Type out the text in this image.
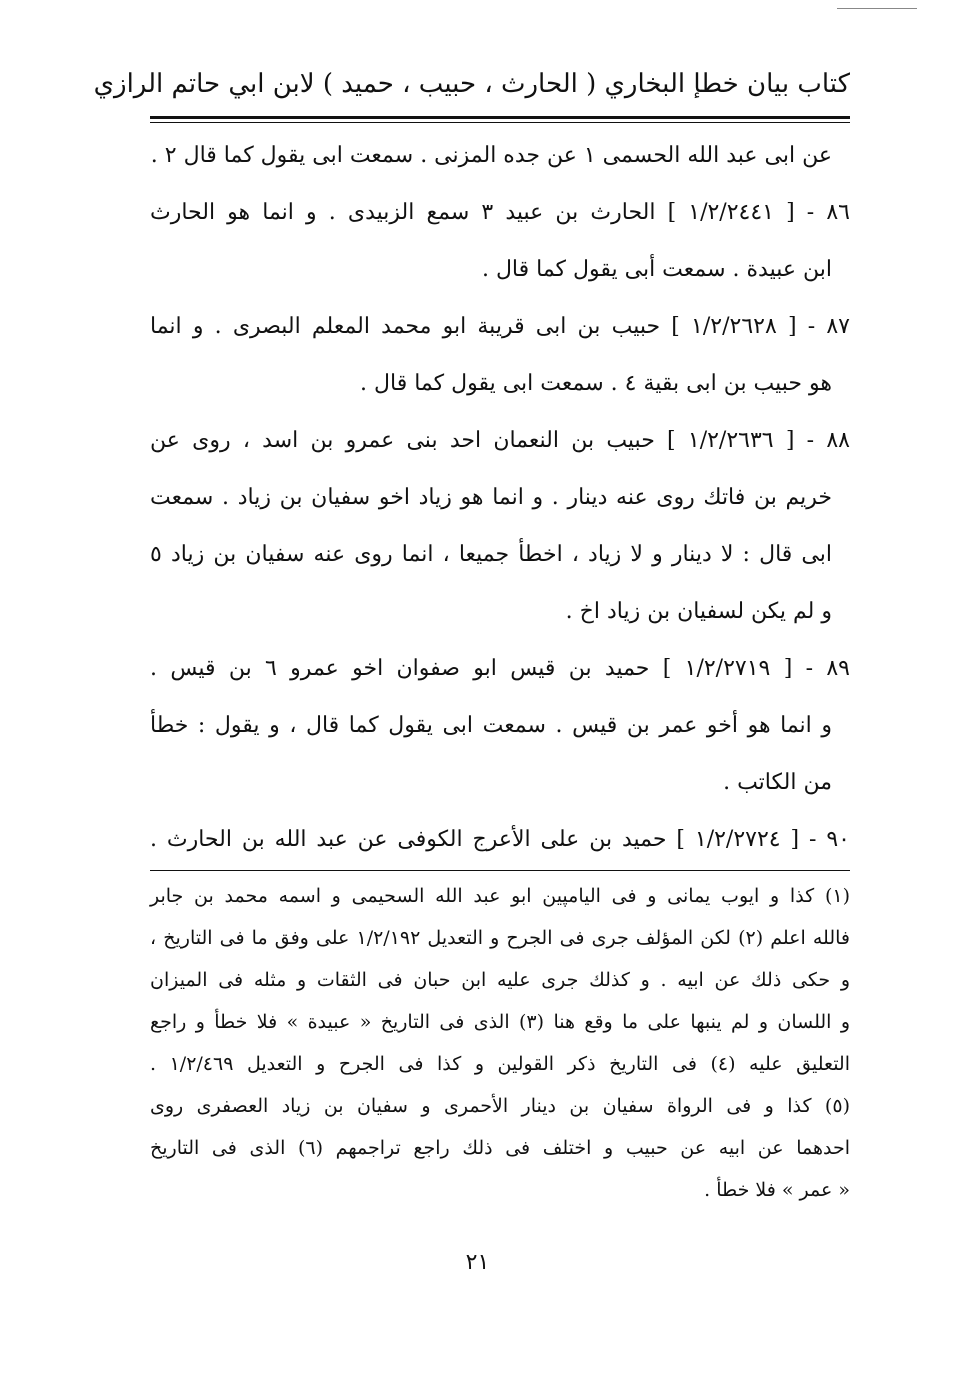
كتاب بيان خطإ البخاري ( الحارث ، حبيب ، حميد ) لابن ابي حاتم الرازي
عن ابى عبد الله الحسمى ١ عن جده المزنى . سمعت ابى يقول كما قال ٢ .
٨٦ - [ ١/٢/٢٤٤١ ] الحارث بن عبيد ٣ سمع الزبيدى . و انما هو الحارث
ابن عبيدة . سمعت أبى يقول كما قال .
٨٧ - [ ١/٢/٢٦٢٨ ] حبيب بن ابى قريبة ابو محمد المعلم البصرى . و انما
هو حبيب بن ابى بقية ٤ . سمعت ابى يقول كما قال .
٨٨ - [ ١/٢/٢٦٣٦ ] حبيب بن النعمان احد بنى عمرو بن اسد ، روى عن
خريم بن فاتك روى عنه دينار . و انما هو زياد اخو سفيان بن زياد . سمعت
ابى قال : لا دينار و لا زياد ، اخطأ جميعا ، انما روى عنه سفيان بن زياد ٥
و لم يكن لسفيان بن زياد اخ .
٨٩ - [ ١/٢/٢٧١٩ ] حميد بن قيس ابو صفوان اخو عمرو ٦ بن قيس .
و انما هو أخو عمر بن قيس . سمعت ابى يقول كما قال ، و يقول : خطأ
من الكاتب .
٩٠ - [ ١/٢/٢٧٢٤ ] حميد بن على الأعرج الكوفى عن عبد الله بن الحارث .
(١) كذا و ايوب يمانى و فى اليامپين ابو عبد الله السحيمى و اسمه محمد بن جابر
فالله اعلم (٢) لكن المؤلف جرى فى الجرح و التعديل ١/٢/١٩٢ على وفق ما فى التاريخ ،
و حكى ذلك عن ابيه . و كذلك جرى عليه ابن حبان فى الثقات و مثله فى الميزان
و اللسان و لم ينبها على ما وقع هنا (٣) الذى فى التاريخ « عبيدة » فلا خطأ و راجع
التعليق عليه (٤) فى التاريخ ذكر القولين و كذا فى الجرح و التعديل ١/٢/٤٦٩ .
(٥) كذا و فى الرواة سفيان بن دينار الأحمرى و سفيان بن زياد العصفرى روى
احدهما عن ابيه عن حبيب و اختلف فى ذلك راجع تراجمهم (٦) الذى فى التاريخ
« عمر » فلا خطأ .
٢١
